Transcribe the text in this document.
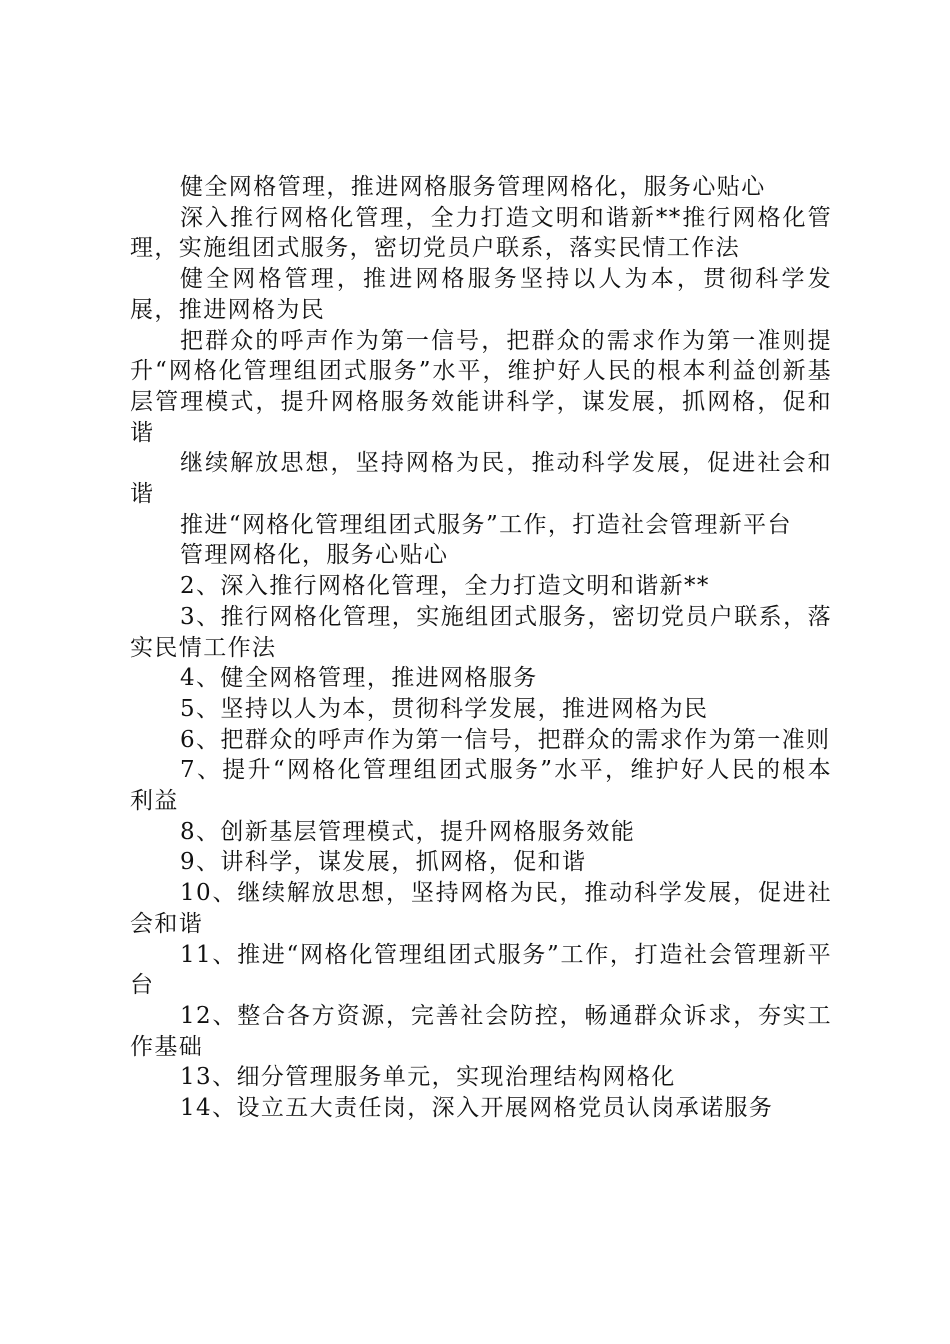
健全网格管理，推进网格服务管理网格化，服务心贴心

深入推行网格化管理，全力打造文明和谐新**推行网格化管理，实施组团式服务，密切党员户联系，落实民情工作法

健全网格管理，推进网格服务坚持以人为本，贯彻科学发展，推进网格为民

把群众的呼声作为第一信号，把群众的需求作为第一准则提升“网格化管理组团式服务”水平，维护好人民的根本利益创新基层管理模式，提升网格服务效能讲科学，谋发展，抓网格，促和谐

继续解放思想，坚持网格为民，推动科学发展，促进社会和谐

推进“网格化管理组团式服务”工作，打造社会管理新平台

管理网格化，服务心贴心

2、深入推行网格化管理，全力打造文明和谐新**

3、推行网格化管理，实施组团式服务，密切党员户联系，落实民情工作法

4、健全网格管理，推进网格服务

5、坚持以人为本，贯彻科学发展，推进网格为民

6、把群众的呼声作为第一信号，把群众的需求作为第一准则

7、提升“网格化管理组团式服务”水平，维护好人民的根本利益

8、创新基层管理模式，提升网格服务效能

9、讲科学，谋发展，抓网格，促和谐

10、继续解放思想，坚持网格为民，推动科学发展，促进社会和谐

11、推进“网格化管理组团式服务”工作，打造社会管理新平台

12、整合各方资源，完善社会防控，畅通群众诉求，夯实工作基础

13、细分管理服务单元，实现治理结构网格化

14、设立五大责任岗，深入开展网格党员认岗承诺服务
